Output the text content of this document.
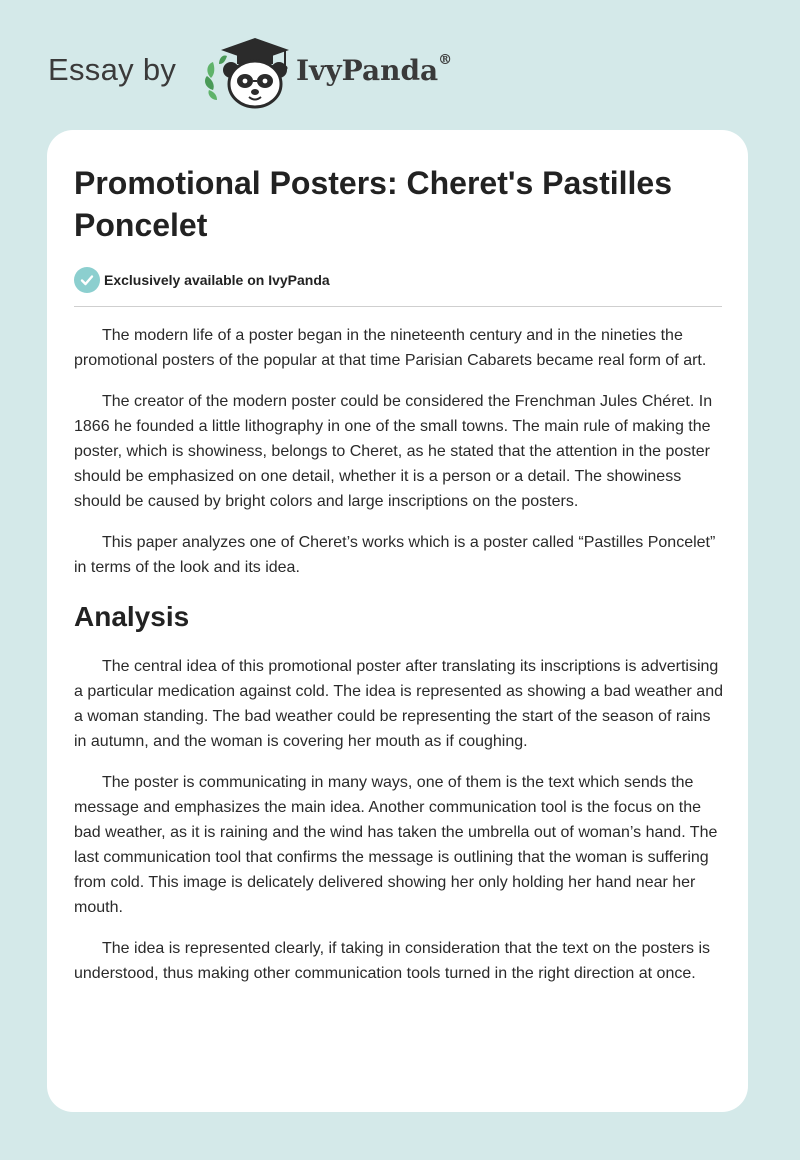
Essay by	IvyPanda®
Promotional Posters: Cheret's Pastilles Poncelet
Exclusively available on IvyPanda

The modern life of a poster began in the nineteenth century and in the nineties the promotional posters of the popular at that time Parisian Cabarets became real form of art.

The creator of the modern poster could be considered the Frenchman Jules Chéret. In 1866 he founded a little lithography in one of the small towns. The main rule of making the poster, which is showiness, belongs to Cheret, as he stated that the attention in the poster should be emphasized on one detail, whether it is a person or a detail. The showiness should be caused by bright colors and large inscriptions on the posters.

This paper analyzes one of Cheret’s works which is a poster called “Pastilles Poncelet” in terms of the look and its idea.

Analysis

The central idea of this promotional poster after translating its inscriptions is advertising a particular medication against cold. The idea is represented as showing a bad weather and a woman standing. The bad weather could be representing the start of the season of rains in autumn, and the woman is covering her mouth as if coughing.

The poster is communicating in many ways, one of them is the text which sends the message and emphasizes the main idea. Another communication tool is the focus on the bad weather, as it is raining and the wind has taken the umbrella out of woman’s hand. The last communication tool that confirms the message is outlining that the woman is suffering from cold. This image is delicately delivered showing her only holding her hand near her mouth.

The idea is represented clearly, if taking in consideration that the text on the posters is understood, thus making other communication tools turned in the right direction at once.
